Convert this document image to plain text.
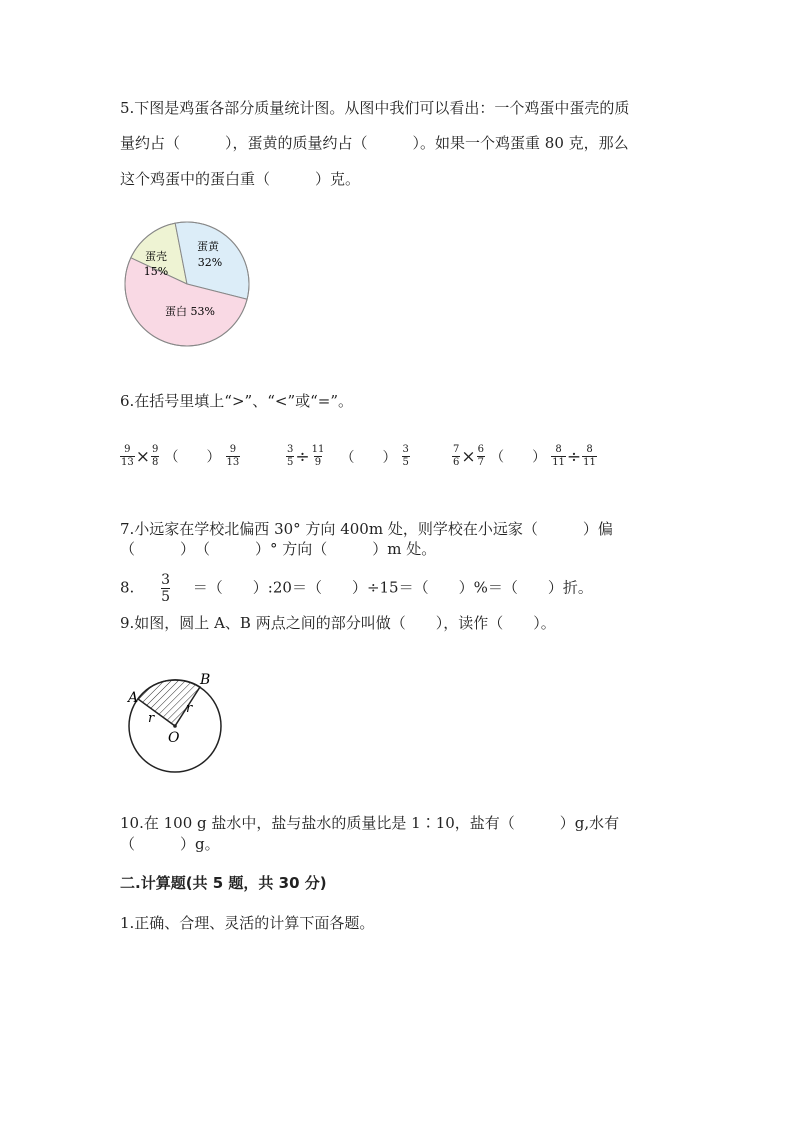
5.下图是鸡蛋各部分质量统计图。从图中我们可以看出：一个鸡蛋中蛋壳的质

量约占（　　　），蛋黄的质量约占（　　　）。如果一个鸡蛋重 80 克，那么

这个鸡蛋中的蛋白重（　　　）克。

蛋壳
15%
蛋黄
32%
蛋白 53%

6.在括号里填上“>”、“<”或“=”。

$\frac{9}{13} \times \frac{9}{8}$ （　　） $\frac{9}{13}$	$\frac{3}{5} \div \frac{11}{9}$ （　　） $\frac{3}{5}$	$\frac{7}{6} \times \frac{6}{7}$ （　　） $\frac{8}{11} \div \frac{8}{11}$

7.小远家在学校北偏西 30° 方向 400m 处，则学校在小远家（　　　）偏

（　　　）　（　　　）° 方向（　　　）m 处。

8. $\frac{3}{5}$ ＝（　　）:20＝（　　）÷15＝（　　）%＝（　　）折。

9.如图，圆上 A、B 两点之间的部分叫做（　　），读作（　　）。

A
B
r
r
O

10.在 100 g 盐水中，盐与盐水的质量比是 1∶10，盐有（　　　）g,水有

（　　　）g。

二.计算题(共 5 题，共 30 分)

1.正确、合理、灵活的计算下面各题。
